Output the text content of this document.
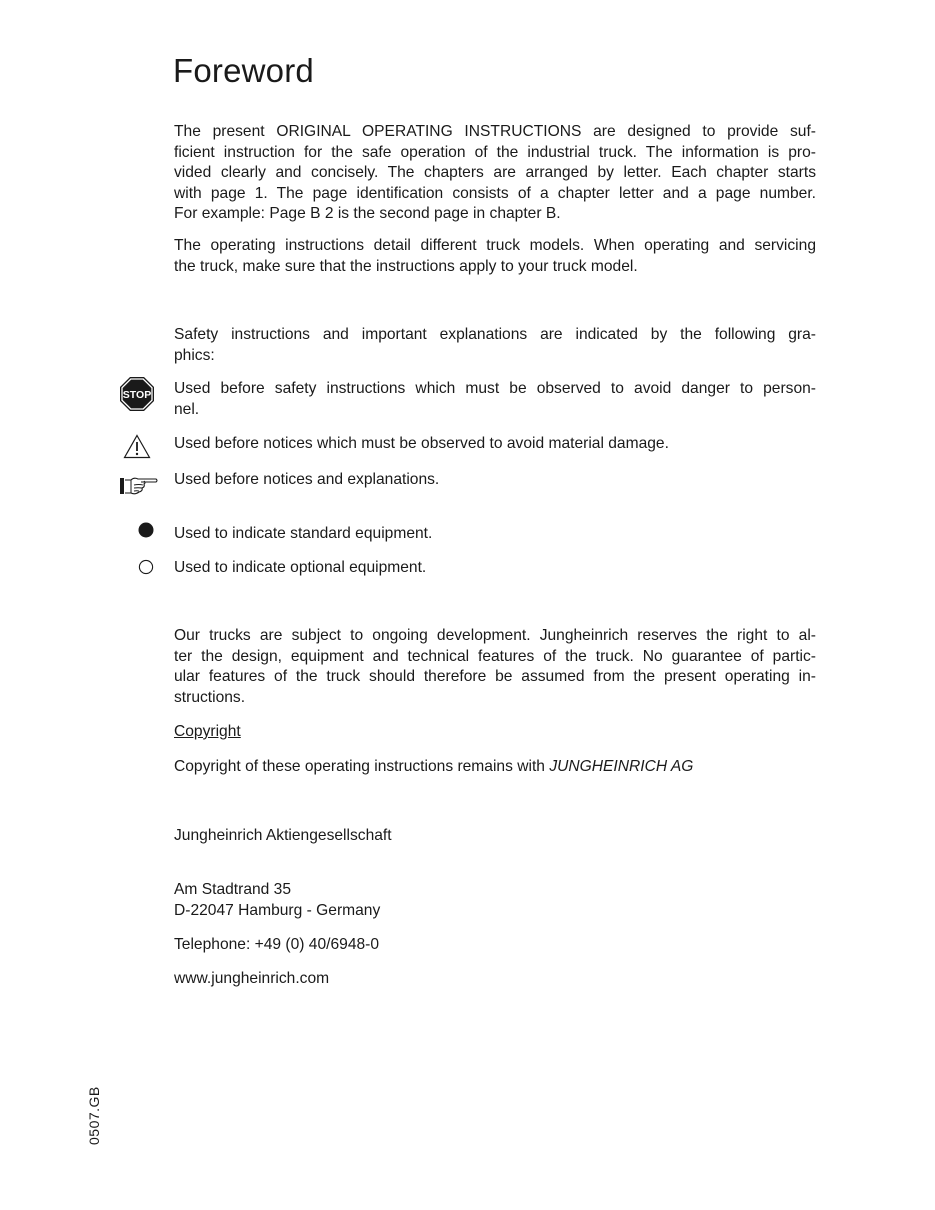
Foreword
The present ORIGINAL OPERATING INSTRUCTIONS are designed to provide suf-
ficient instruction for the safe operation of the industrial truck. The information is pro-
vided clearly and concisely. The chapters are arranged by letter. Each chapter starts
with page 1. The page identification consists of a chapter letter and a page number.
For example: Page B 2 is the second page in chapter B.
The operating instructions detail different truck models. When operating and servicing
the truck, make sure that the instructions apply to your truck model.
Safety instructions and important explanations are indicated by the following gra-
phics:
STOP Used before safety instructions which must be observed to avoid danger to person-
nel.
Used before notices which must be observed to avoid material damage.
Used before notices and explanations.
Used to indicate standard equipment.
Used to indicate optional equipment.
Our trucks are subject to ongoing development. Jungheinrich reserves the right to al-
ter the design, equipment and technical features of the truck. No guarantee of partic-
ular features of the truck should therefore be assumed from the present operating in-
structions.
Copyright
Copyright of these operating instructions remains with JUNGHEINRICH AG
Jungheinrich Aktiengesellschaft
Am Stadtrand 35
D-22047 Hamburg - Germany
Telephone: +49 (0) 40/6948-0
www.jungheinrich.com
0507.GB
